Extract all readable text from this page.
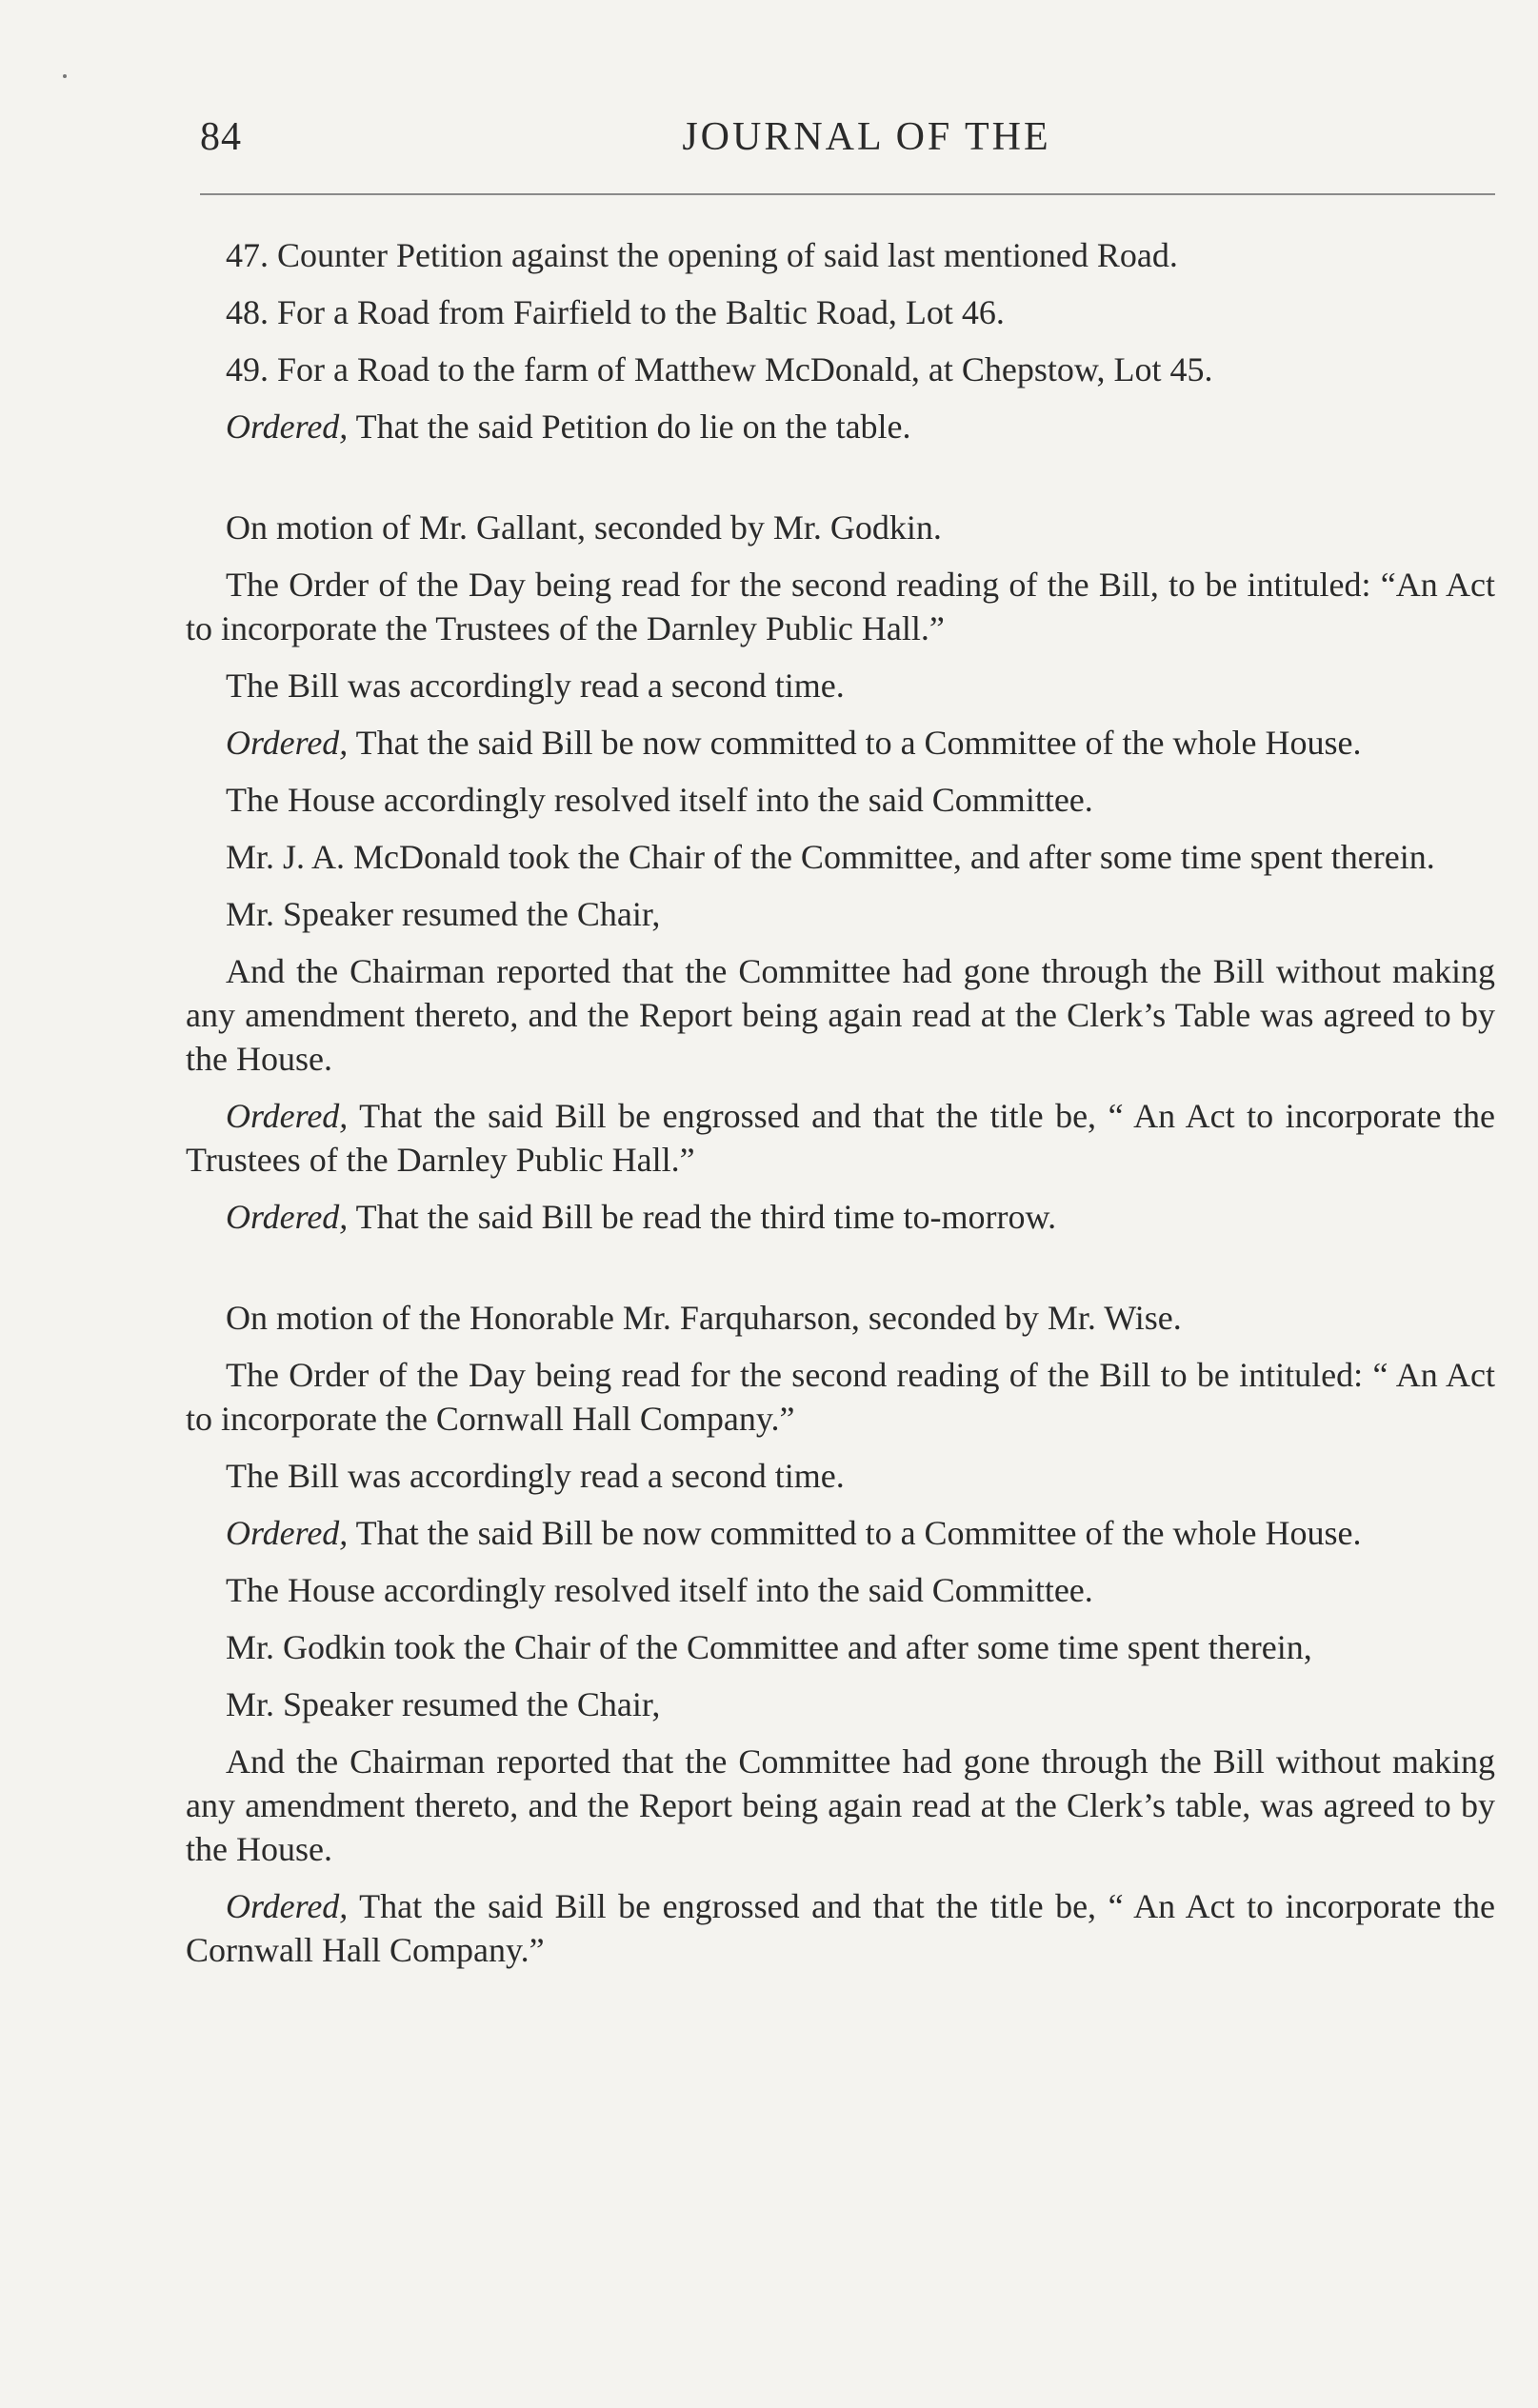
84	JOURNAL OF THE

47. Counter Petition against the opening of said last mentioned Road.

48. For a Road from Fairfield to the Baltic Road, Lot 46.

49. For a Road to the farm of Matthew McDonald, at Chepstow, Lot 45.

Ordered, That the said Petition do lie on the table.

On motion of Mr. Gallant, seconded by Mr. Godkin.

The Order of the Day being read for the second reading of the Bill, to be intituled: “An Act to incorporate the Trustees of the Darnley Public Hall.”

The Bill was accordingly read a second time.

Ordered, That the said Bill be now committed to a Committee of the whole House.

The House accordingly resolved itself into the said Committee.

Mr. J. A. McDonald took the Chair of the Committee, and after some time spent therein.

Mr. Speaker resumed the Chair,

And the Chairman reported that the Committee had gone through the Bill without making any amendment thereto, and the Report being again read at the Clerk’s Table was agreed to by the House.

Ordered, That the said Bill be engrossed and that the title be, “ An Act to incorporate the Trustees of the Darnley Public Hall.”

Ordered, That the said Bill be read the third time to-morrow.

On motion of the Honorable Mr. Farquharson, seconded by Mr. Wise.

The Order of the Day being read for the second reading of the Bill to be intituled: “ An Act to incorporate the Cornwall Hall Company.”

The Bill was accordingly read a second time.

Ordered, That the said Bill be now committed to a Committee of the whole House.

The House accordingly resolved itself into the said Committee.

Mr. Godkin took the Chair of the Committee and after some time spent therein,

Mr. Speaker resumed the Chair,

And the Chairman reported that the Committee had gone through the Bill without making any amendment thereto, and the Report being again read at the Clerk’s table, was agreed to by the House.

Ordered, That the said Bill be engrossed and that the title be, “ An Act to incorporate the Cornwall Hall Company.”
